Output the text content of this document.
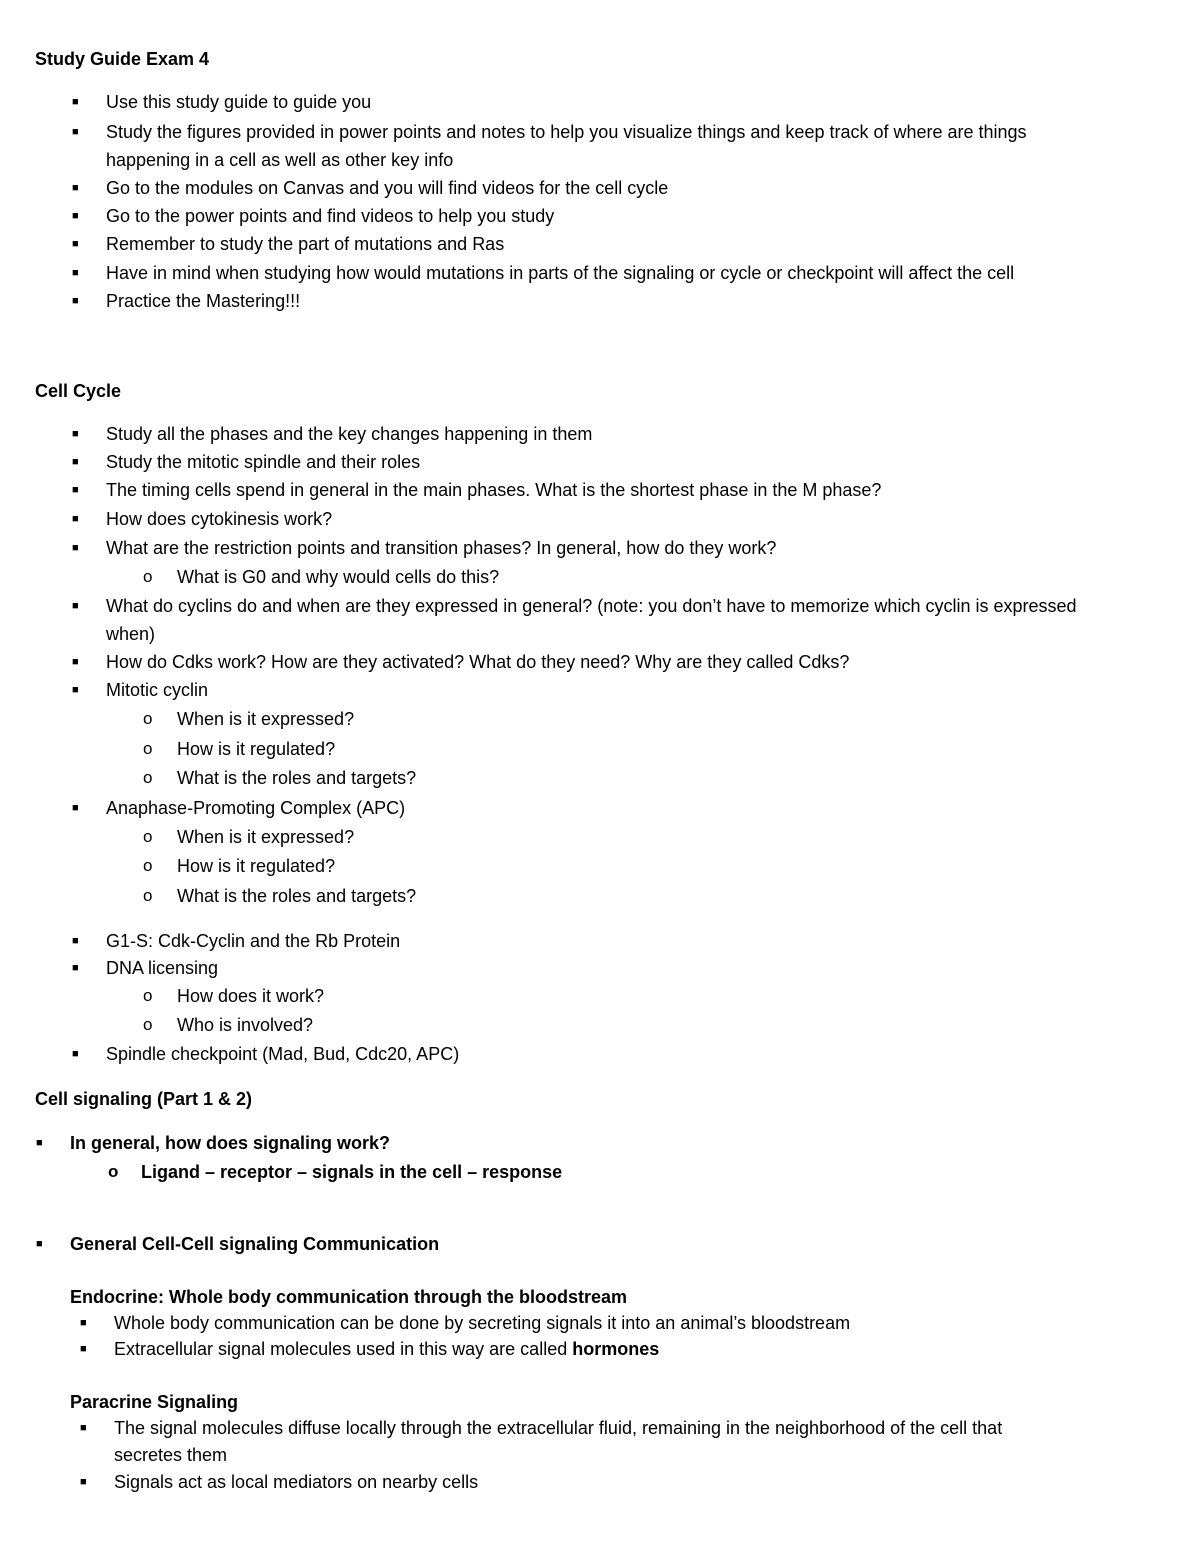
Study Guide Exam 4
■ Use this study guide to guide you
■ Study the figures provided in power points and notes to help you visualize things and keep track of where are things
happening in a cell as well as other key info
■ Go to the modules on Canvas and you will find videos for the cell cycle
■ Go to the power points and find videos to help you study
■ Remember to study the part of mutations and Ras
■ Have in mind when studying how would mutations in parts of the signaling or cycle or checkpoint will affect the cell
■ Practice the Mastering!!!
Cell Cycle
■ Study all the phases and the key changes happening in them
■ Study the mitotic spindle and their roles
■ The timing cells spend in general in the main phases. What is the shortest phase in the M phase?
■ How does cytokinesis work?
■ What are the restriction points and transition phases? In general, how do they work?
o What is G0 and why would cells do this?
■ What do cyclins do and when are they expressed in general? (note: you don’t have to memorize which cyclin is expressed
when)
■ How do Cdks work? How are they activated? What do they need? Why are they called Cdks?
■ Mitotic cyclin
o When is it expressed?
o How is it regulated?
o What is the roles and targets?
■ Anaphase-Promoting Complex (APC)
o When is it expressed?
o How is it regulated?
o What is the roles and targets?
■ G1-S: Cdk-Cyclin and the Rb Protein
■ DNA licensing
o How does it work?
o Who is involved?
■ Spindle checkpoint (Mad, Bud, Cdc20, APC)
Cell signaling (Part 1 & 2)
■ In general, how does signaling work?
o Ligand – receptor – signals in the cell – response
■ General Cell-Cell signaling Communication
Endocrine: Whole body communication through the bloodstream
■ Whole body communication can be done by secreting signals it into an animal’s bloodstream
■ Extracellular signal molecules used in this way are called hormones
Paracrine Signaling
■ The signal molecules diffuse locally through the extracellular fluid, remaining in the neighborhood of the cell that
secretes them
■ Signals act as local mediators on nearby cells
